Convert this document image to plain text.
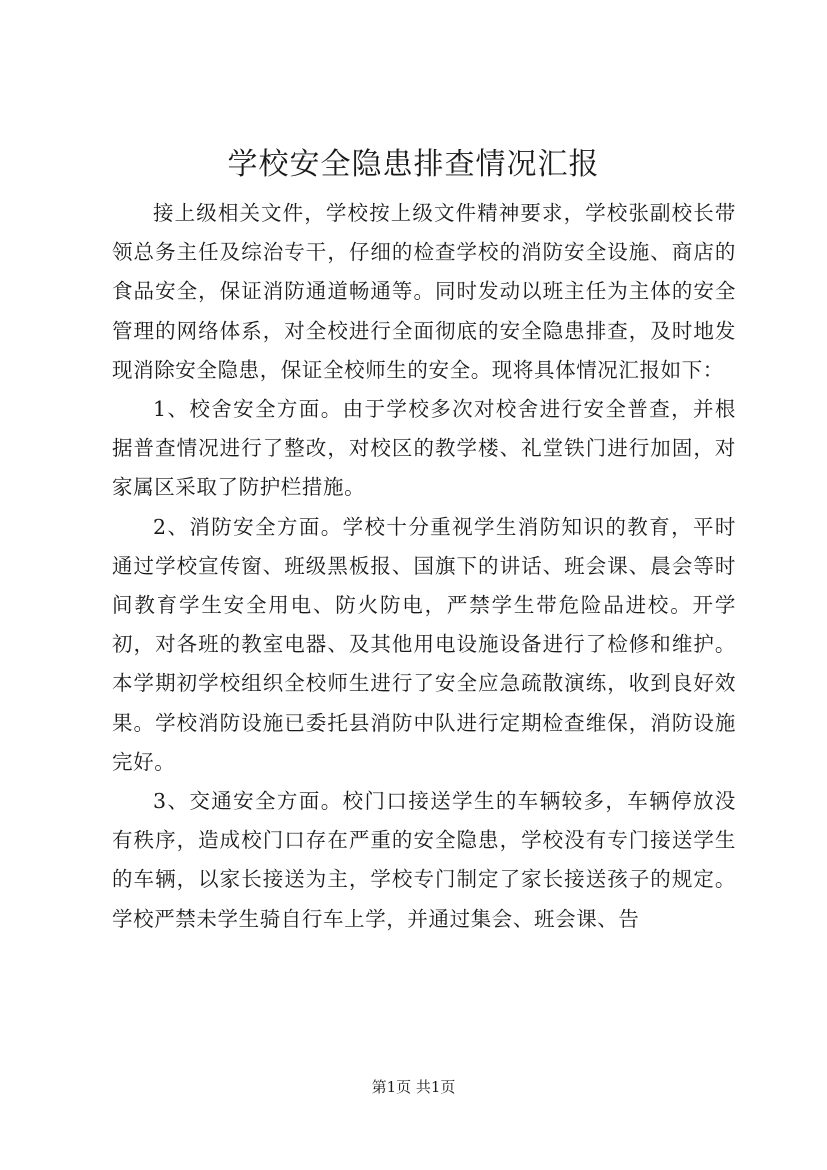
学校安全隐患排查情况汇报

接上级相关文件，学校按上级文件精神要求，学校张副校长带领总务主任及综治专干，仔细的检查学校的消防安全设施、商店的食品安全，保证消防通道畅通等。同时发动以班主任为主体的安全管理的网络体系，对全校进行全面彻底的安全隐患排查，及时地发现消除安全隐患，保证全校师生的安全。现将具体情况汇报如下：

1、校舍安全方面。由于学校多次对校舍进行安全普查，并根据普查情况进行了整改，对校区的教学楼、礼堂铁门进行加固，对家属区采取了防护栏措施。

2、消防安全方面。学校十分重视学生消防知识的教育，平时通过学校宣传窗、班级黑板报、国旗下的讲话、班会课、晨会等时间教育学生安全用电、防火防电，严禁学生带危险品进校。开学初，对各班的教室电器、及其他用电设施设备进行了检修和维护。本学期初学校组织全校师生进行了安全应急疏散演练，收到良好效果。学校消防设施已委托县消防中队进行定期检查维保，消防设施完好。

3、交通安全方面。校门口接送学生的车辆较多，车辆停放没有秩序，造成校门口存在严重的安全隐患，学校没有专门接送学生的车辆，以家长接送为主，学校专门制定了家长接送孩子的规定。学校严禁未学生骑自行车上学，并通过集会、班会课、告

第1页 共1页
